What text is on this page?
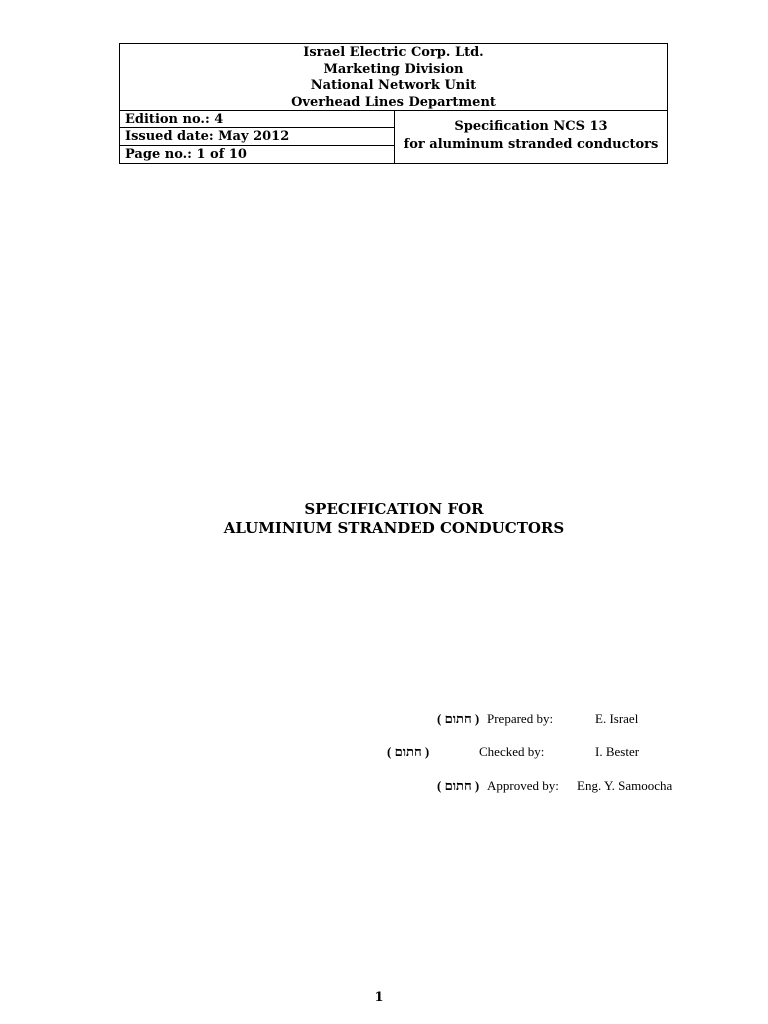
Israel Electric Corp. Ltd.
Marketing Division
National Network Unit
Overhead Lines Department
Edition no.: 4
Issued date: May 2012
Page no.: 1 of 10
Specification NCS 13
for aluminum stranded conductors
SPECIFICATION FOR
ALUMINIUM STRANDED CONDUCTORS
( חתום ) Prepared by:	E. Israel
( חתום )	Checked by:	I. Bester
( חתום ) Approved by: Eng. Y. Samoocha
1
